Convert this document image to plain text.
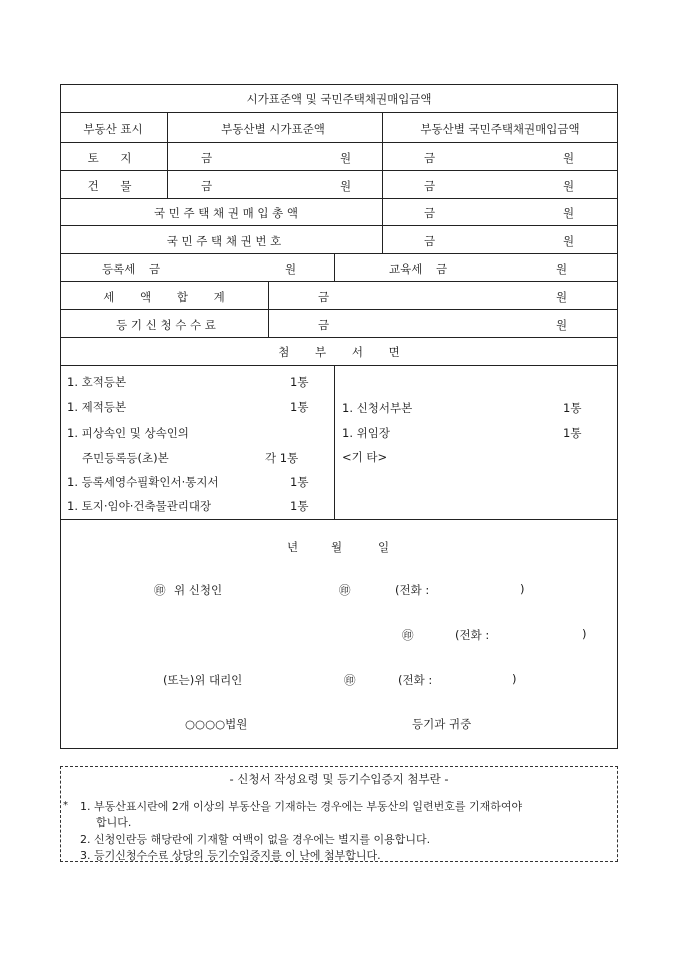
시가표준액 및 국민주택채권매입금액
부동산 표시	부동산별 시가표준액	부동산별 국민주택채권매입금액
토 지	금	원	금	원
건 물	금	원	금	원
국 민 주 택 채 권 매 입 총 액	금	원
국 민 주 택 채 권 번 호	금	원
등록세 금	원	교육세 금	원
세 액 합 계	금	원
등 기 신 청 수 수 료	금	원
첨 부 서 면
1. 호적등본	1통
1. 제적등본	1통
1. 피상속인 및 상속인의
주민등록등(초)본	각 1통
1. 등록세영수필확인서·통지서	1통
1. 토지·임야·건축물관리대장	1통
1. 신청서부본	1통
1. 위임장	1통
<기 타>
년	월	일
㊞ 위 신청인	㊞	(전화 :	)
㊞	(전화 :	)
(또는)위 대리인	㊞	(전화 :	)
○○○○법원	등기과 귀중
- 신청서 작성요령 및 등기수입증지 첨부란 -
* 1. 부동산표시란에 2개 이상의 부동산을 기재하는 경우에는 부동산의 일련번호를 기재하여야
합니다.
2. 신청인란등 해당란에 기재할 여백이 없을 경우에는 별지를 이용합니다.
3. 등기신청수수료 상당의 등기수입증지를 이 난에 첨부합니다.
